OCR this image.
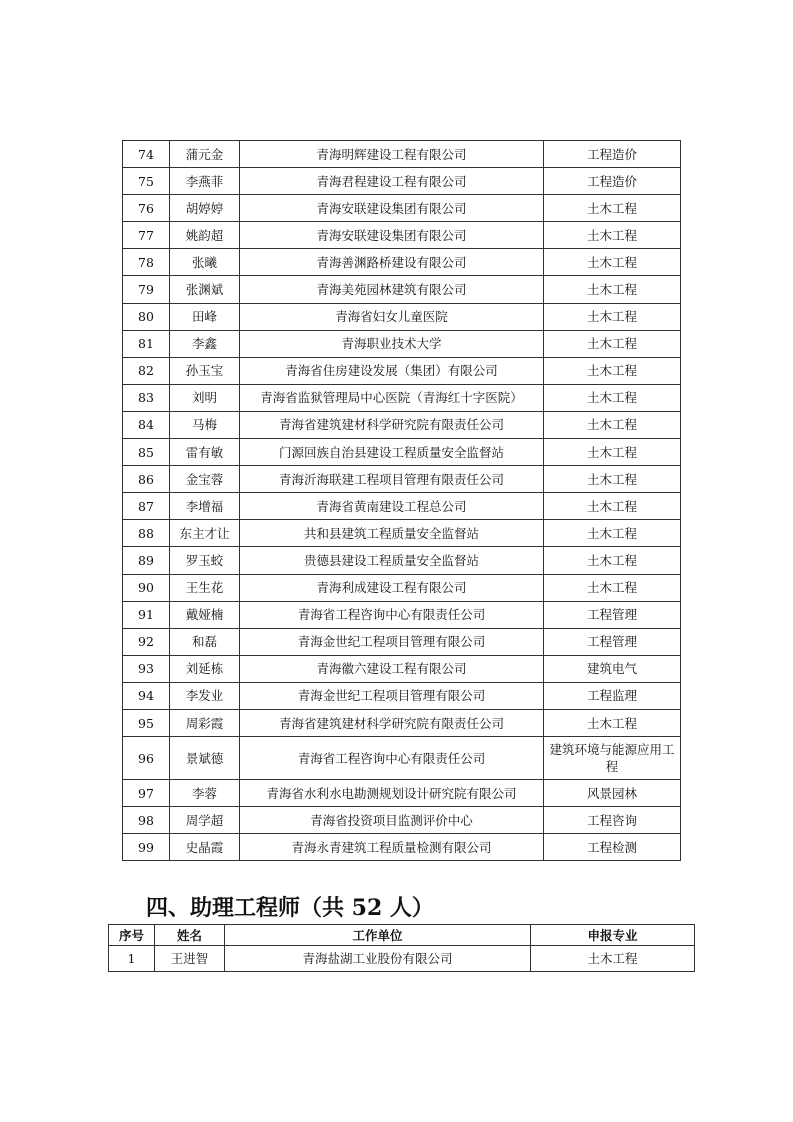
74	蒲元金	青海明辉建设工程有限公司	工程造价
75	李燕菲	青海君程建设工程有限公司	工程造价
76	胡婷婷	青海安联建设集团有限公司	土木工程
77	姚韵超	青海安联建设集团有限公司	土木工程
78	张曦	青海善渊路桥建设有限公司	土木工程
79	张渊斌	青海美苑园林建筑有限公司	土木工程
80	田峰	青海省妇女儿童医院	土木工程
81	李鑫	青海职业技术大学	土木工程
82	孙玉宝	青海省住房建设发展（集团）有限公司	土木工程
83	刘明	青海省监狱管理局中心医院（青海红十字医院）	土木工程
84	马梅	青海省建筑建材科学研究院有限责任公司	土木工程
85	雷有敏	门源回族自治县建设工程质量安全监督站	土木工程
86	金宝蓉	青海沂海联建工程项目管理有限责任公司	土木工程
87	李增福	青海省黄南建设工程总公司	土木工程
88	东主才让	共和县建筑工程质量安全监督站	土木工程
89	罗玉蛟	贵德县建设工程质量安全监督站	土木工程
90	王生花	青海利成建设工程有限公司	土木工程
91	戴娅楠	青海省工程咨询中心有限责任公司	工程管理
92	和磊	青海金世纪工程项目管理有限公司	工程管理
93	刘延栋	青海徽六建设工程有限公司	建筑电气
94	李发业	青海金世纪工程项目管理有限公司	工程监理
95	周彩霞	青海省建筑建材科学研究院有限责任公司	土木工程
96	景斌德	青海省工程咨询中心有限责任公司	建筑环境与能源应用工程
97	李蓉	青海省水利水电勘测规划设计研究院有限公司	风景园林
98	周学超	青海省投资项目监测评价中心	工程咨询
99	史晶霞	青海永青建筑工程质量检测有限公司	工程检测
四、助理工程师（共 52 人）
序号	姓名	工作单位	申报专业
1	王进智	青海盐湖工业股份有限公司	土木工程
